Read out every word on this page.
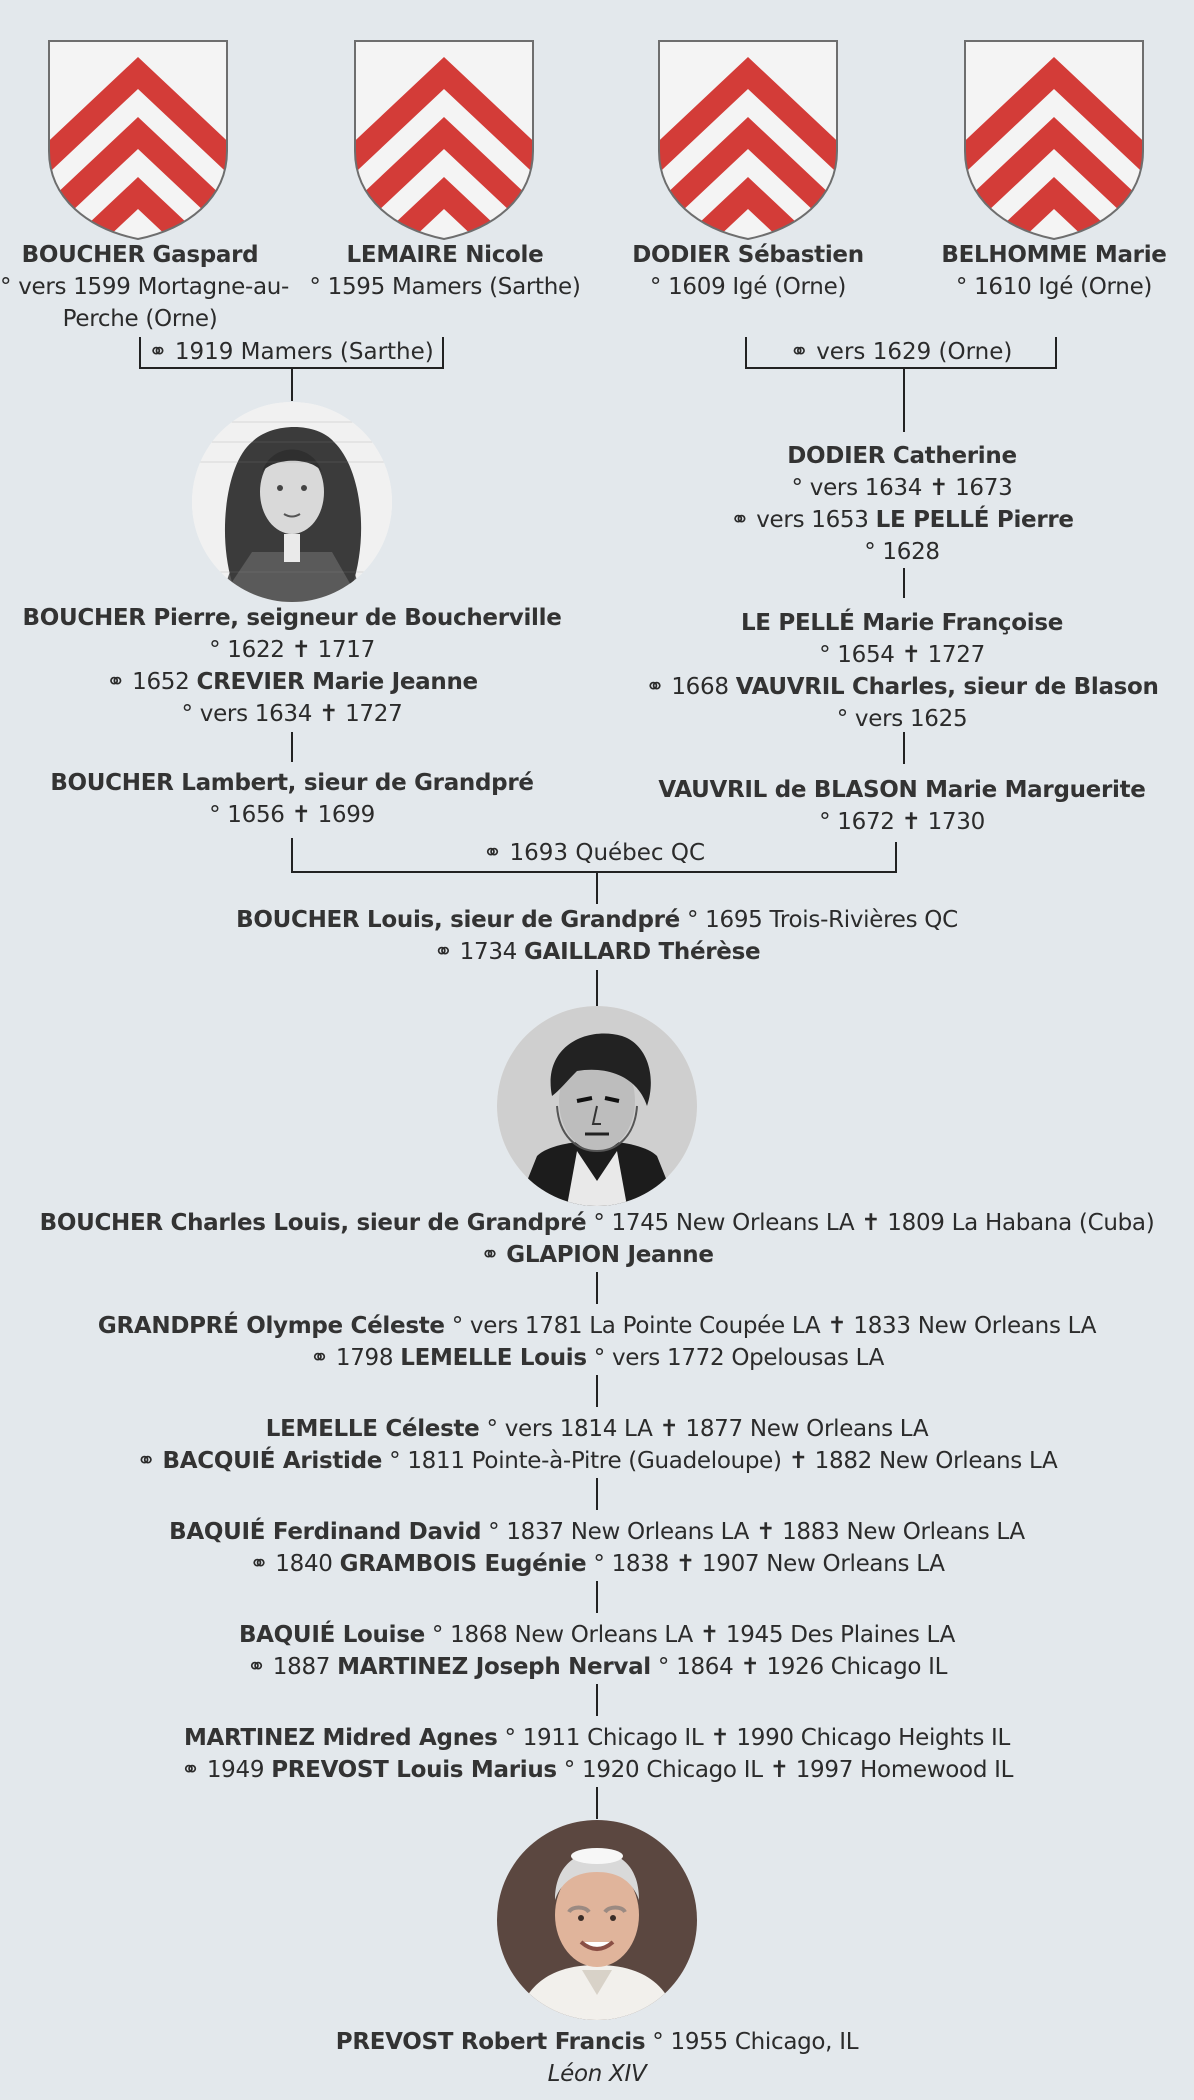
BOUCHER Gaspard
° vers 1599 Mortagne-au-
Perche (Orne)
LEMAIRE Nicole
° 1595 Mamers (Sarthe)
DODIER Sébastien
° 1609 Igé (Orne)
BELHOMME Marie
° 1610 Igé (Orne)
⚭ 1919 Mamers (Sarthe)	⚭ vers 1629 (Orne)
BOUCHER Pierre, seigneur de Boucherville
° 1622 ✝ 1717
⚭ 1652 CREVIER Marie Jeanne
° vers 1634 ✝ 1727
BOUCHER Lambert, sieur de Grandpré
° 1656 ✝ 1699
DODIER Catherine
° vers 1634 ✝ 1673
⚭ vers 1653 LE PELLÉ Pierre
° 1628
LE PELLÉ Marie Françoise
° 1654 ✝ 1727
⚭ 1668 VAUVRIL Charles, sieur de Blason
° vers 1625
VAUVRIL de BLASON Marie Marguerite
° 1672 ✝ 1730
⚭ 1693 Québec QC
BOUCHER Louis, sieur de Grandpré ° 1695 Trois-Rivières QC
⚭ 1734 GAILLARD Thérèse
BOUCHER Charles Louis, sieur de Grandpré ° 1745 New Orleans LA ✝ 1809 La Habana (Cuba)
⚭ GLAPION Jeanne
GRANDPRÉ Olympe Céleste ° vers 1781 La Pointe Coupée LA ✝ 1833 New Orleans LA
⚭ 1798 LEMELLE Louis ° vers 1772 Opelousas LA
LEMELLE Céleste ° vers 1814 LA ✝ 1877 New Orleans LA
⚭ BACQUIÉ Aristide ° 1811 Pointe-à-Pitre (Guadeloupe) ✝ 1882 New Orleans LA
BAQUIÉ Ferdinand David ° 1837 New Orleans LA ✝ 1883 New Orleans LA
⚭ 1840 GRAMBOIS Eugénie ° 1838 ✝ 1907 New Orleans LA
BAQUIÉ Louise ° 1868 New Orleans LA ✝ 1945 Des Plaines LA
⚭ 1887 MARTINEZ Joseph Nerval ° 1864 ✝ 1926 Chicago IL
MARTINEZ Midred Agnes ° 1911 Chicago IL ✝ 1990 Chicago Heights IL
⚭ 1949 PREVOST Louis Marius ° 1920 Chicago IL ✝ 1997 Homewood IL
PREVOST Robert Francis ° 1955 Chicago, IL
Léon XIV
